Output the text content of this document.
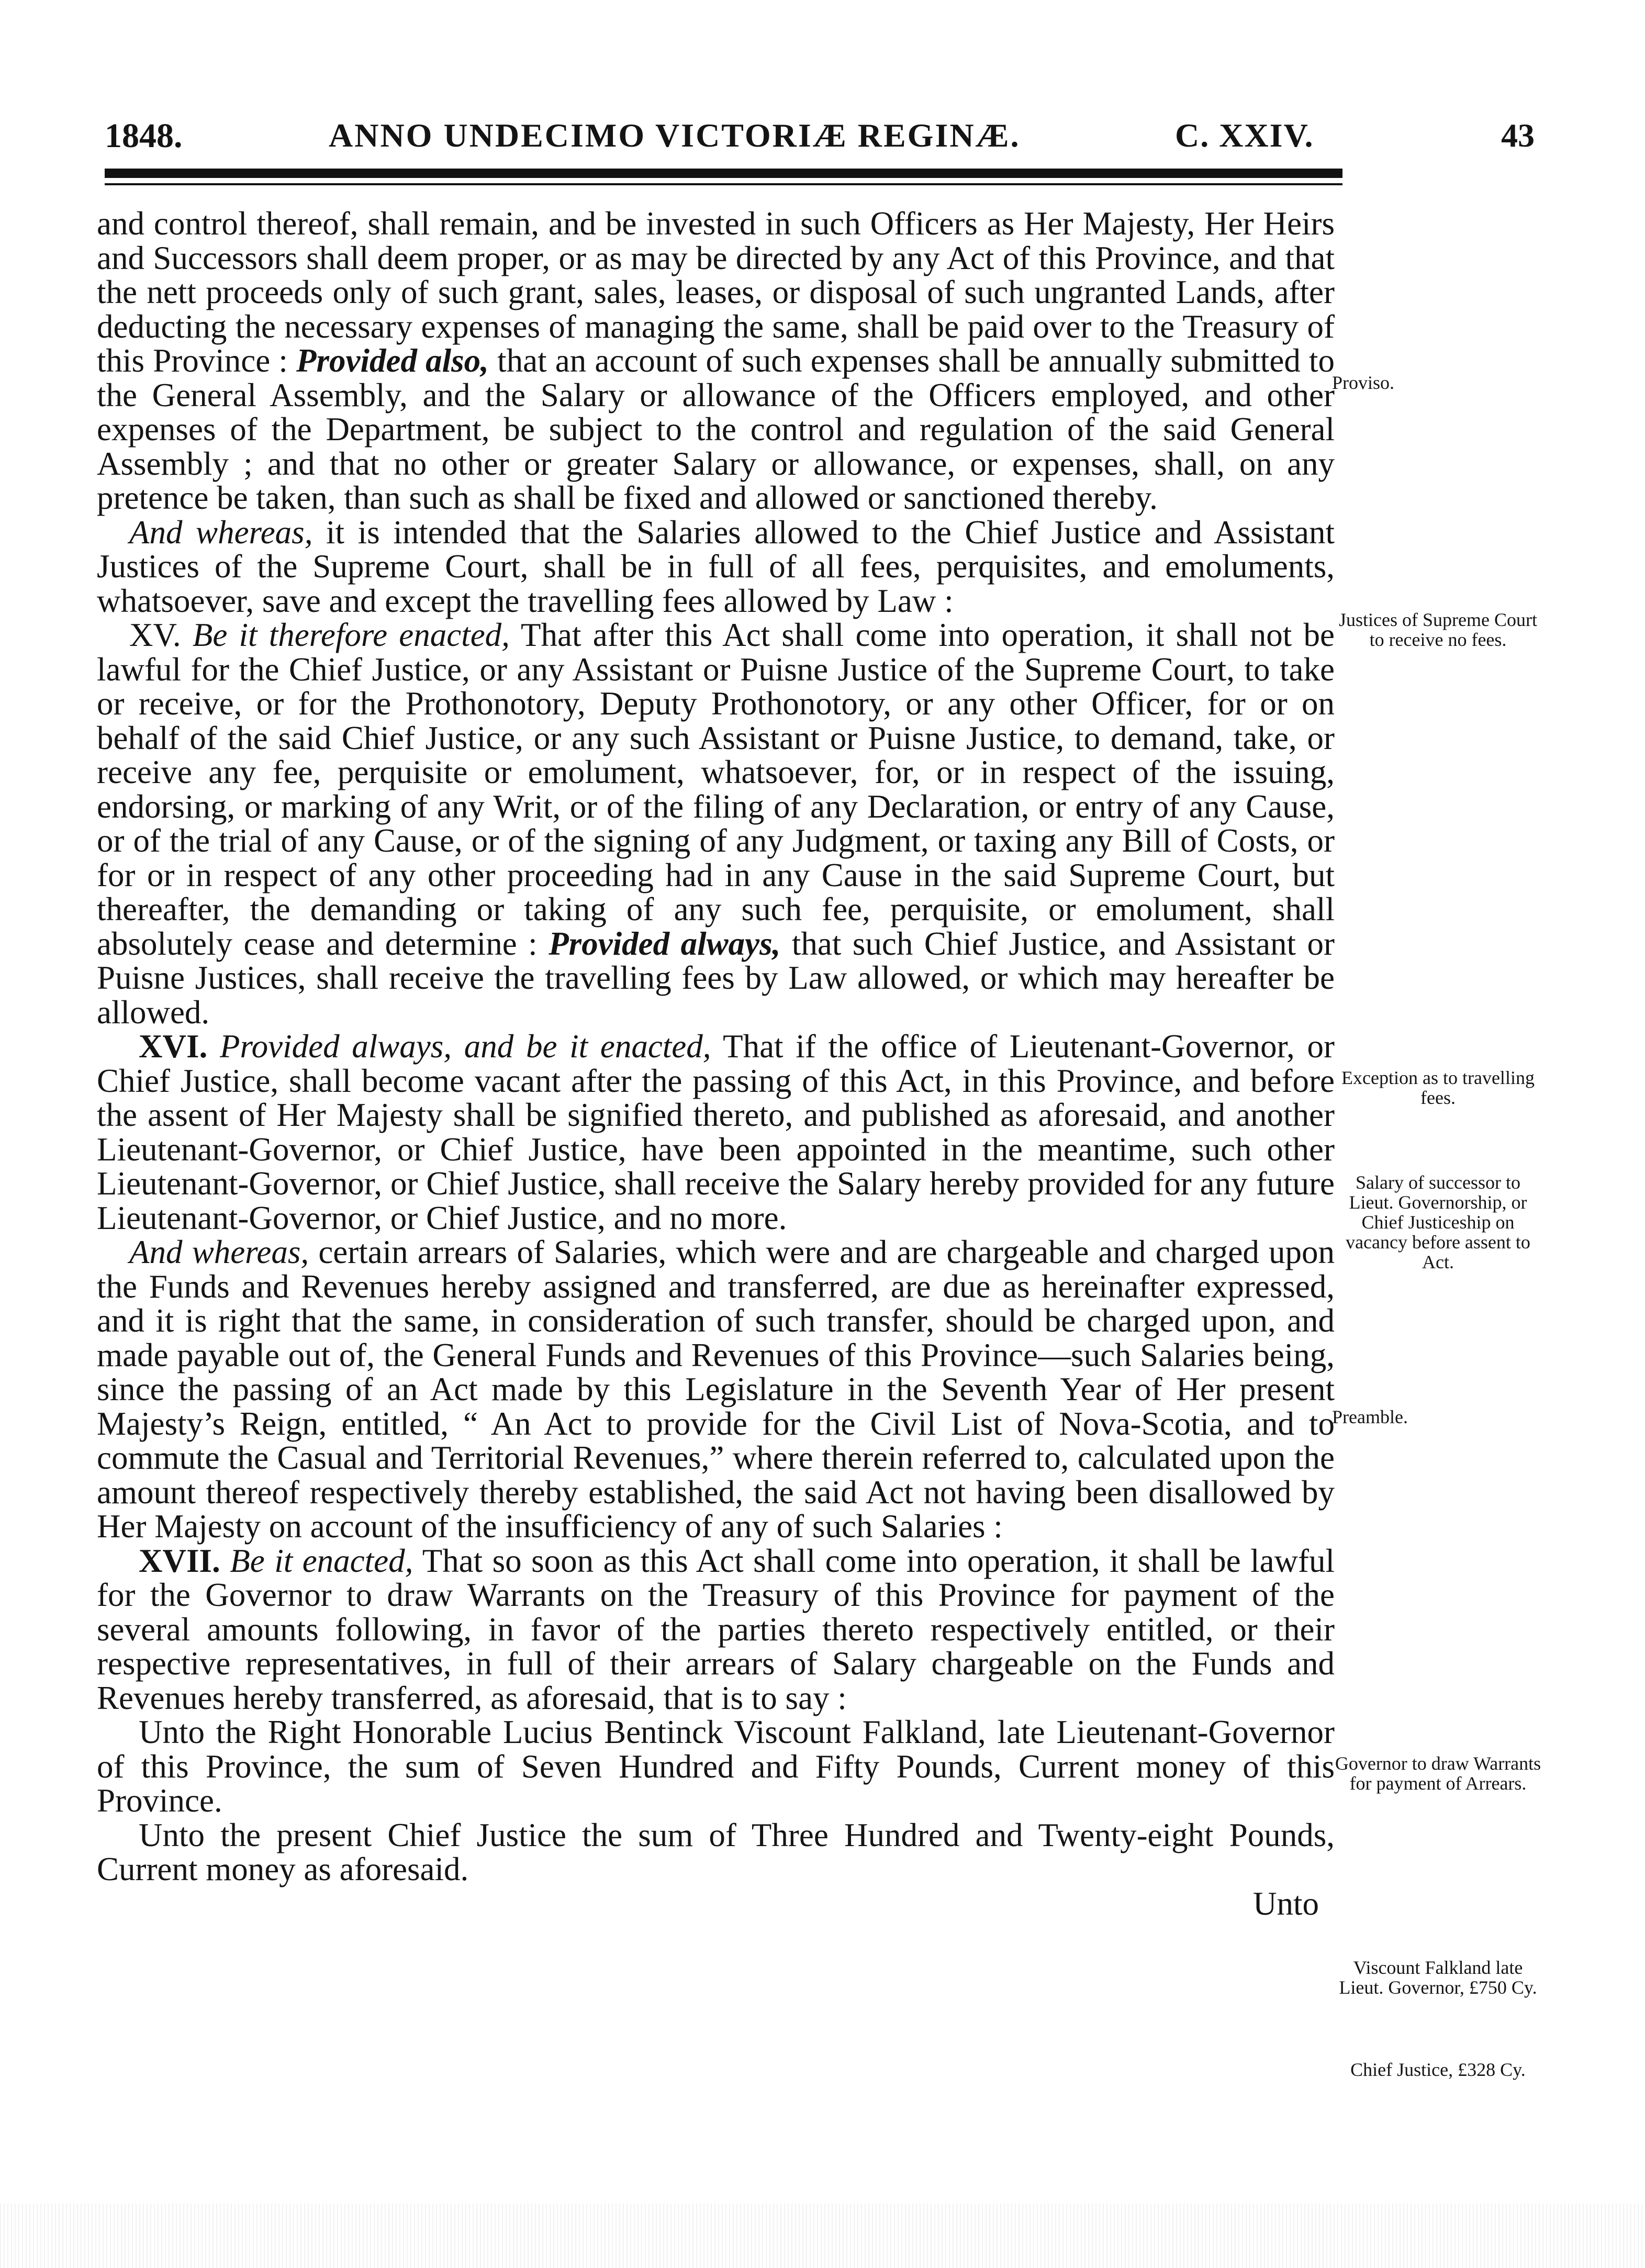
1848.	ANNO UNDECIMO VICTORIÆ REGINÆ.	C. XXIV.	43

and control thereof, shall remain, and be invested in such Officers as Her Majesty, Her Heirs and Successors shall deem proper, or as may be directed by any Act of this Province, and that the nett proceeds only of such grant, sales, leases, or disposal of such ungranted Lands, after deducting the necessary expenses of managing the same, shall be paid over to the Treasury of this Province : Provided also, that an account of such expenses shall be annually submitted to the General Assembly, and the Salary or allowance of the Officers employed, and other expenses of the Department, be subject to the control and regulation of the said General Assembly ; and that no other or greater Salary or allowance, or expenses, shall, on any pretence be taken, than such as shall be fixed and allowed or sanctioned thereby.

And whereas, it is intended that the Salaries allowed to the Chief Justice and Assistant Justices of the Supreme Court, shall be in full of all fees, perquisites, and emoluments, whatsoever, save and except the travelling fees allowed by Law :

XV. Be it therefore enacted, That after this Act shall come into operation, it shall not be lawful for the Chief Justice, or any Assistant or Puisne Justice of the Supreme Court, to take or receive, or for the Prothonotory, Deputy Prothonotory, or any other Officer, for or on behalf of the said Chief Justice, or any such Assistant or Puisne Justice, to demand, take, or receive any fee, perquisite or emolument, whatsoever, for, or in respect of the issuing, endorsing, or marking of any Writ, or of the filing of any Declaration, or entry of any Cause, or of the trial of any Cause, or of the signing of any Judgment, or taxing any Bill of Costs, or for or in respect of any other proceeding had in any Cause in the said Supreme Court, but thereafter, the demanding or taking of any such fee, perquisite, or emolument, shall absolutely cease and determine : Provided always, that such Chief Justice, and Assistant or Puisne Justices, shall receive the travelling fees by Law allowed, or which may hereafter be allowed.

XVI. Provided always, and be it enacted, That if the office of Lieutenant-Governor, or Chief Justice, shall become vacant after the passing of this Act, in this Province, and before the assent of Her Majesty shall be signified thereto, and published as aforesaid, and another Lieutenant-Governor, or Chief Justice, have been appointed in the meantime, such other Lieutenant-Governor, or Chief Justice, shall receive the Salary hereby provided for any future Lieutenant-Governor, or Chief Justice, and no more.

And whereas, certain arrears of Salaries, which were and are chargeable and charged upon the Funds and Revenues hereby assigned and transferred, are due as hereinafter expressed, and it is right that the same, in consideration of such transfer, should be charged upon, and made payable out of, the General Funds and Revenues of this Province—such Salaries being, since the passing of an Act made by this Legislature in the Seventh Year of Her present Majesty’s Reign, entitled, “ An Act to provide for the Civil List of Nova-Scotia, and to commute the Casual and Territorial Revenues,” where therein referred to, calculated upon the amount thereof respectively thereby established, the said Act not having been disallowed by Her Majesty on account of the insufficiency of any of such Salaries :

XVII. Be it enacted, That so soon as this Act shall come into operation, it shall be lawful for the Governor to draw Warrants on the Treasury of this Province for payment of the several amounts following, in favor of the parties thereto respectively entitled, or their respective representatives, in full of their arrears of Salary chargeable on the Funds and Revenues hereby transferred, as aforesaid, that is to say :

Unto the Right Honorable Lucius Bentinck Viscount Falkland, late Lieutenant-Governor of this Province, the sum of Seven Hundred and Fifty Pounds, Current money of this Province.

Unto the present Chief Justice the sum of Three Hundred and Twenty-eight Pounds, Current money as aforesaid.

Unto

Proviso.
Justices of Supreme Court to receive no fees.
Exception as to travelling fees.
Salary of successor to Lieut. Governorship, or Chief Justiceship on vacancy before assent to Act.
Preamble.
Governor to draw Warrants for payment of Arrears.
Viscount Falkland late Lieut. Governor, £750 Cy.
Chief Justice, £328 Cy.
